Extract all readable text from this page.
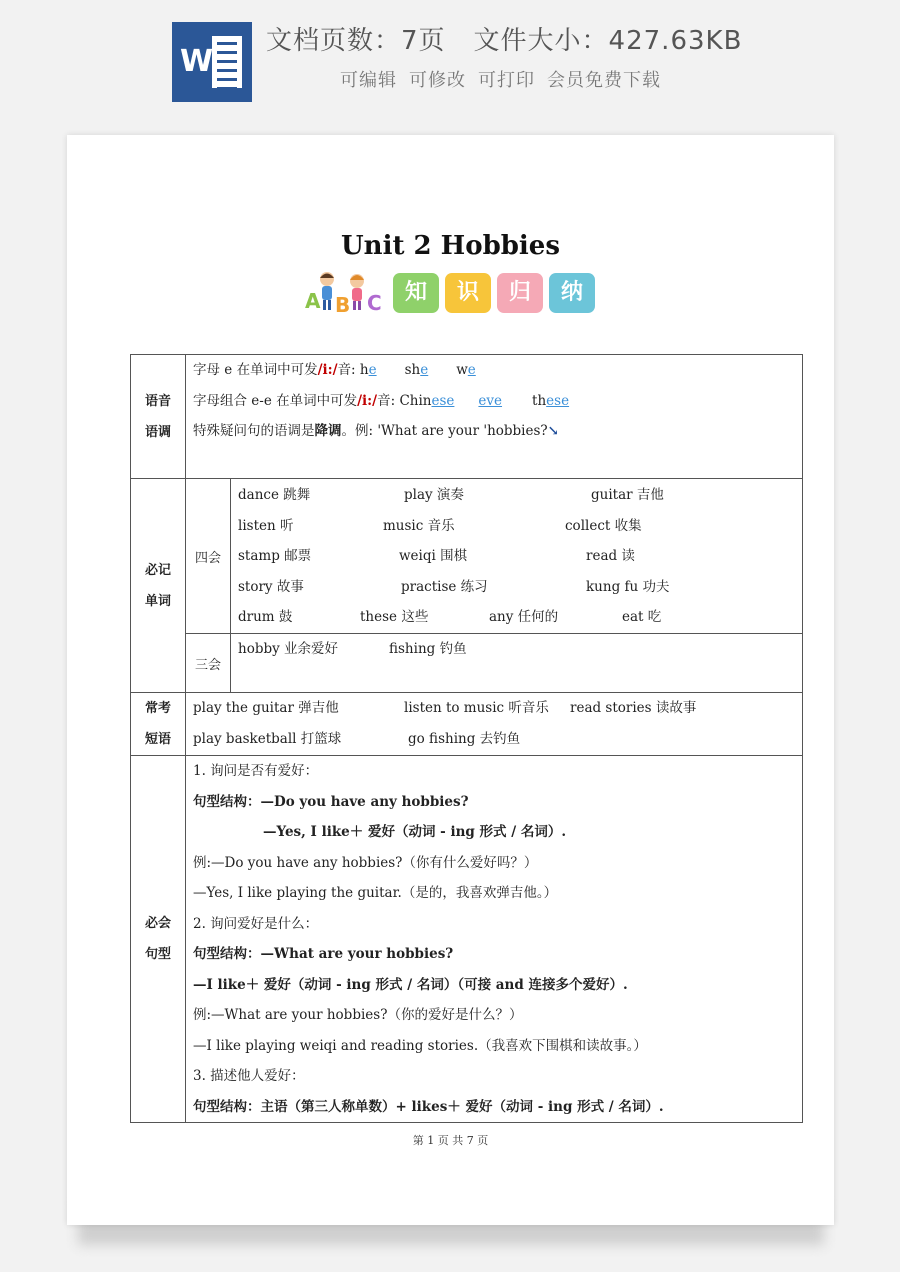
W
文档页数：7页 文件大小：427.63KB
可编辑 可修改 可打印 会员免费下载
Unit 2 Hobbies
A B C	知	识	归	纳
语音
语调

字母 e 在单词中可发/i:/音: he she we
字母组合 e-e 在单词中可发/i:/音: Chinese eve these
特殊疑问句的语调是降调。例: 'What are your 'hobbies?↘

必记
单词

四会	
dance 跳舞	play 演奏	guitar 吉他
listen 听	music 音乐	collect 收集
stamp 邮票	weiqi 围棋	read 读
story 故事	practise 练习	kung fu 功夫
drum 鼓	these 这些	any 任何的	eat 吃

三会	
hobby 业余爱好	fishing 钓鱼

常考
短语

play the guitar 弹吉他	listen to music 听音乐 read stories 读故事
play basketball 打篮球	go fishing 去钓鱼

必会
句型

1. 询问是否有爱好：
句型结构：—Do you have any hobbies?
—Yes, I like＋ 爱好（动词 - ing 形式 / 名词）.
例:—Do you have any hobbies?（你有什么爱好吗？）
—Yes, I like playing the guitar.（是的，我喜欢弹吉他。）
2. 询问爱好是什么：
句型结构：—What are your hobbies?
—I like＋ 爱好（动词 - ing 形式 / 名词）（可接 and 连接多个爱好）.
例:—What are your hobbies?（你的爱好是什么？）
—I like playing weiqi and reading stories.（我喜欢下围棋和读故事。）
3. 描述他人爱好：
句型结构：主语（第三人称单数）+ likes＋ 爱好（动词 - ing 形式 / 名词）.
第 1 页 共 7 页
